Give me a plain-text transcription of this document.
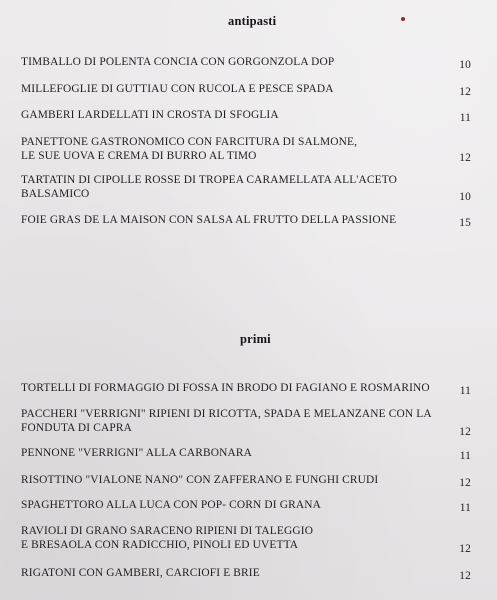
antipasti
TIMBALLO DI POLENTA CONCIA CON GORGONZOLA DOP	10
MILLEFOGLIE DI GUTTIAU CON RUCOLA E PESCE SPADA	12
GAMBERI LARDELLATI IN CROSTA DI SFOGLIA	11
PANETTONE GASTRONOMICO CON FARCITURA DI SALMONE,
LE SUE UOVA E CREMA DI BURRO AL TIMO	12
TARTATIN DI CIPOLLE ROSSE DI TROPEA CARAMELLATA ALL'ACETO
BALSAMICO	10
FOIE GRAS DE LA MAISON CON SALSA AL FRUTTO DELLA PASSIONE	15
primi
TORTELLI DI FORMAGGIO DI FOSSA IN BRODO DI FAGIANO E ROSMARINO	11
PACCHERI "VERRIGNI" RIPIENI DI RICOTTA, SPADA E MELANZANE CON LA
FONDUTA DI CAPRA	12
PENNONE "VERRIGNI" ALLA CARBONARA	11
RISOTTINO "VIALONE NANO" CON ZAFFERANO E FUNGHI CRUDI	12
SPAGHETTORO ALLA LUCA CON POP- CORN DI GRANA	11
RAVIOLI DI GRANO SARACENO RIPIENI DI TALEGGIO
E BRESAOLA CON RADICCHIO, PINOLI ED UVETTA	12
RIGATONI CON GAMBERI, CARCIOFI E BRIE	12
